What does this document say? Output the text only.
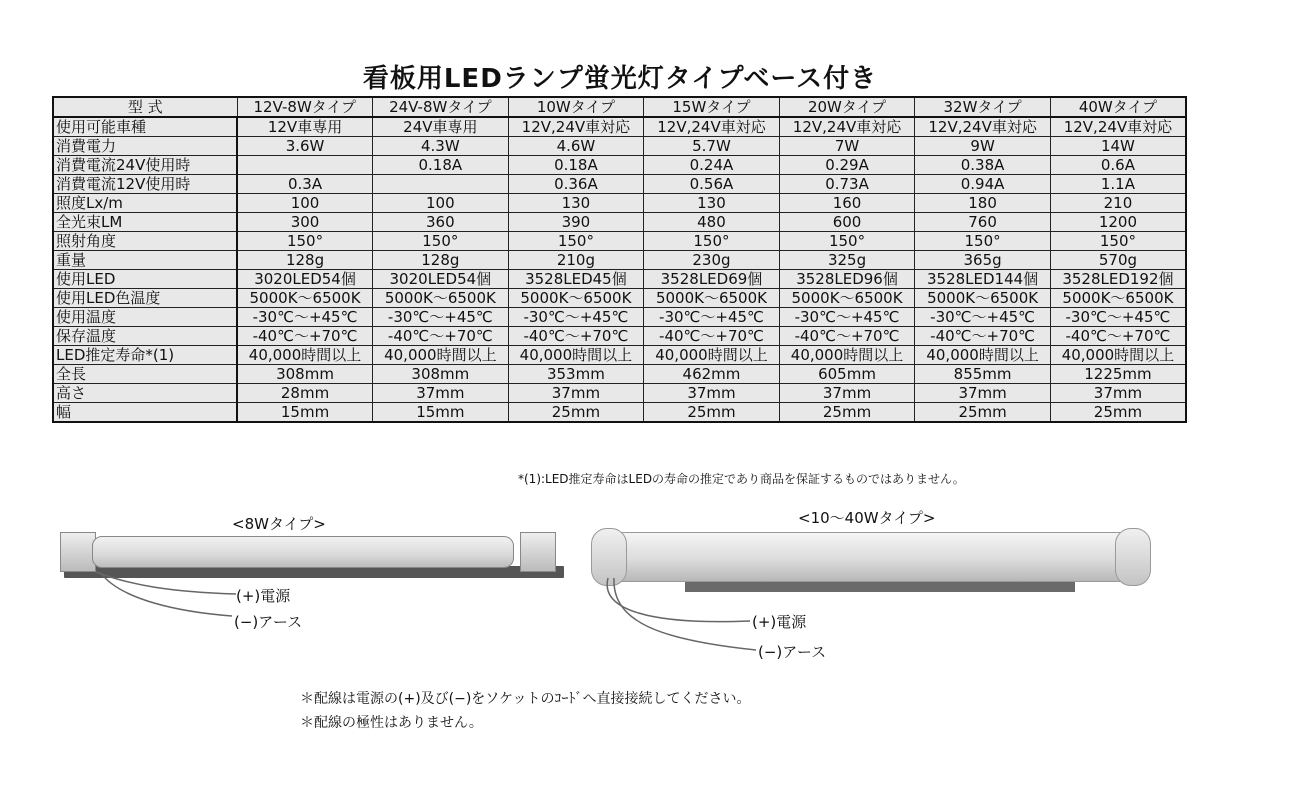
看板用LEDランプ蛍光灯タイプベース付き
型 式	12V-8Wタイプ	24V-8Wタイプ	10Wタイプ	15Wタイプ	20Wタイプ	32Wタイプ	40Wタイプ
使用可能車種	12V車専用	24V車専用	12V,24V車対応	12V,24V車対応	12V,24V車対応	12V,24V車対応	12V,24V車対応
消費電力	3.6W	4.3W	4.6W	5.7W	7W	9W	14W
消費電流24V使用時		0.18A	0.18A	0.24A	0.29A	0.38A	0.6A
消費電流12V使用時	0.3A		0.36A	0.56A	0.73A	0.94A	1.1A
照度Lx/m	100	100	130	130	160	180	210
全光束LM	300	360	390	480	600	760	1200
照射角度	150°	150°	150°	150°	150°	150°	150°
重量	128g	128g	210g	230g	325g	365g	570g
使用LED	3020LED54個	3020LED54個	3528LED45個	3528LED69個	3528LED96個	3528LED144個	3528LED192個
使用LED色温度	5000K～6500K	5000K～6500K	5000K～6500K	5000K～6500K	5000K～6500K	5000K～6500K	5000K～6500K
使用温度	-30℃～+45℃	-30℃～+45℃	-30℃～+45℃	-30℃～+45℃	-30℃～+45℃	-30℃～+45℃	-30℃～+45℃
保存温度	-40℃～+70℃	-40℃～+70℃	-40℃～+70℃	-40℃～+70℃	-40℃～+70℃	-40℃～+70℃	-40℃～+70℃
LED推定寿命*(1)	40,000時間以上	40,000時間以上	40,000時間以上	40,000時間以上	40,000時間以上	40,000時間以上	40,000時間以上
全長	308mm	308mm	353mm	462mm	605mm	855mm	1225mm
高さ	28mm	37mm	37mm	37mm	37mm	37mm	37mm
幅	15mm	15mm	25mm	25mm	25mm	25mm	25mm
*(1):LED推定寿命はLEDの寿命の推定であり商品を保証するものではありません。
<8Wタイプ>
(+)電源
(−)アース
<10～40Wタイプ>
(+)電源
(−)アース
＊配線は電源の(+)及び(−)をソケットのｺｰﾄﾞへ直接接続してください。
＊配線の極性はありません。
